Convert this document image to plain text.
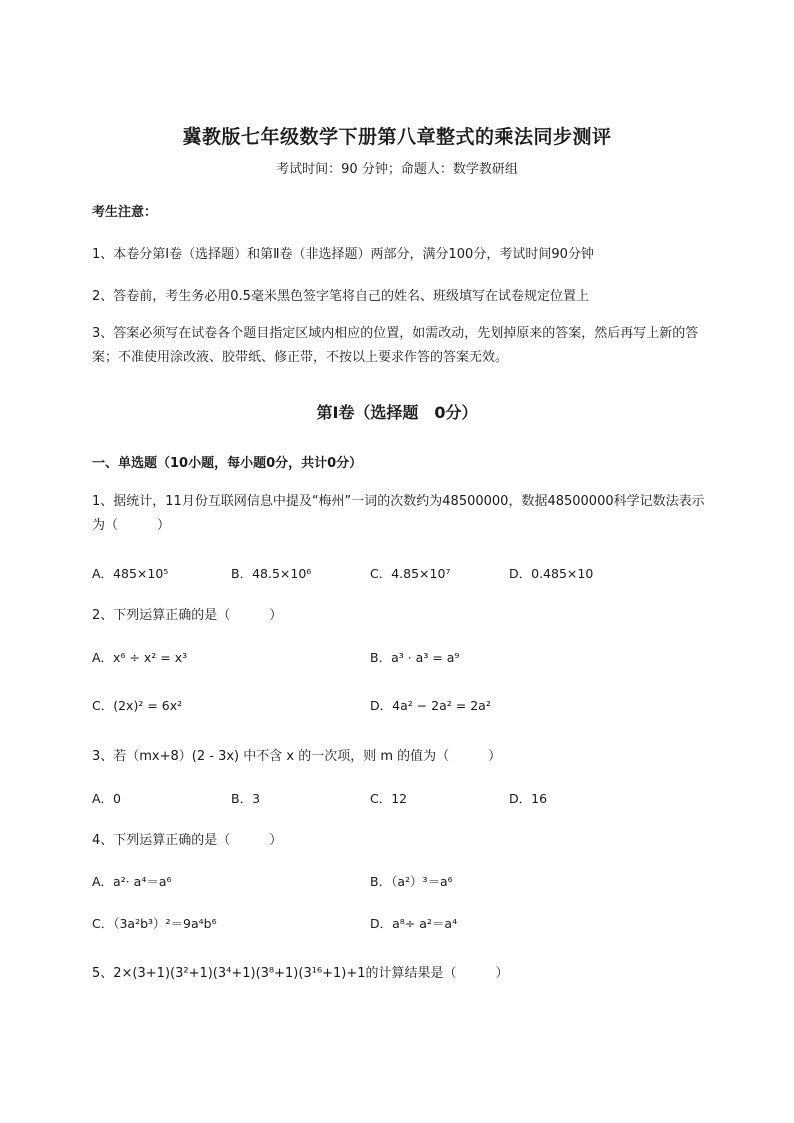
冀教版七年级数学下册第八章整式的乘法同步测评
考试时间：90 分钟；命题人：数学教研组
考生注意：
1、本卷分第Ⅰ卷（选择题）和第Ⅱ卷（非选择题）两部分，满分100分，考试时间90分钟
2、答卷前，考生务必用0.5毫米黑色签字笔将自己的姓名、班级填写在试卷规定位置上
3、答案必须写在试卷各个题目指定区域内相应的位置，如需改动，先划掉原来的答案，然后再写上新的答案；不准使用涂改液、胶带纸、修正带，不按以上要求作答的答案无效。
第Ⅰ卷（选择题　0分）
一、单选题（10小题，每小题0分，共计0分）
1、据统计，11月份互联网信息中提及“梅州”一词的次数约为48500000，数据48500000科学记数法表示为（　　　）
A．485×10⁵	B．48.5×10⁶	C．4.85×10⁷	D．0.485×10
2、下列运算正确的是（　　　）
A．x⁶ ÷ x² = x³	B．a³ · a³ = a⁹
C．(2x)² = 6x²	D．4a² − 2a² = 2a²
3、若（mx+8）(2 - 3x) 中不含 x 的一次项，则 m 的值为（　　　）
A．0	B．3	C．12	D．16
4、下列运算正确的是（　　　）
A．a²· a⁴＝a⁶	B．（a²）³＝a⁶
C．（3a²b³）²＝9a⁴b⁶	D．a⁸÷ a²＝a⁴
5、2×(3+1)(3²+1)(3⁴+1)(3⁸+1)(3¹⁶+1)+1的计算结果是（　　　）
